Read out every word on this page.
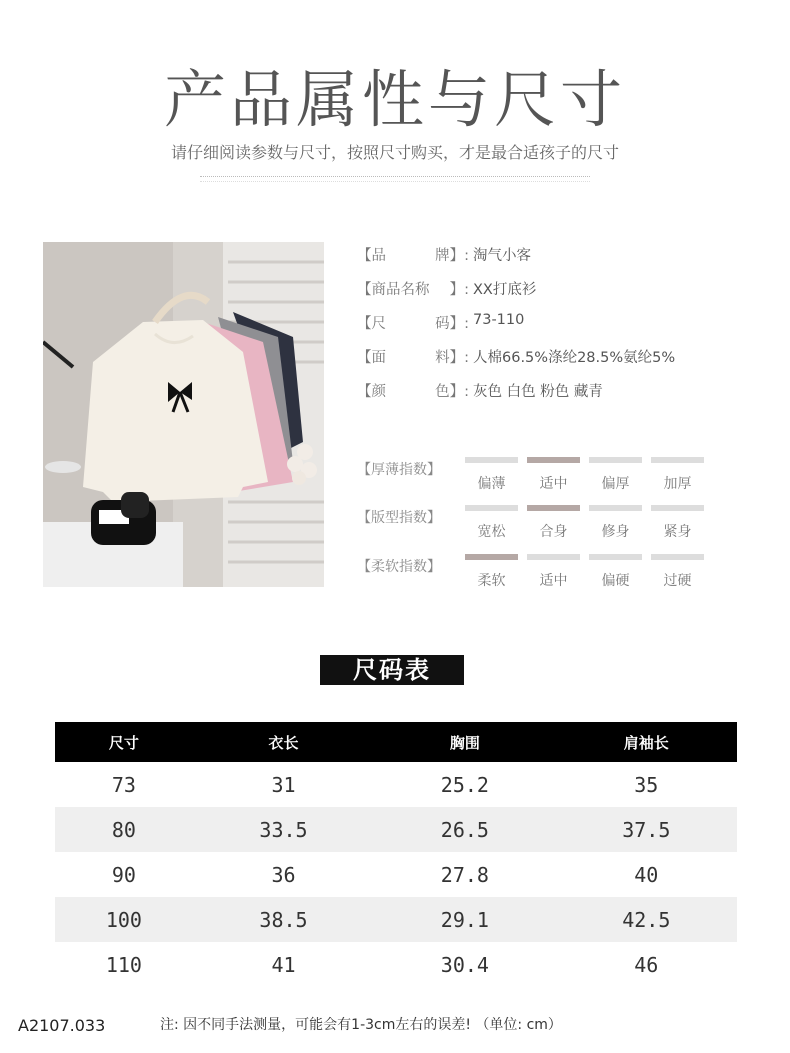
产品属性与尺寸
请仔细阅读参数与尺寸，按照尺寸购买，才是最合适孩子的尺寸
【 品	牌 】: 淘气小客
【 商品名称 】: XX打底衫
【 尺	码 】: 73-110
【 面	料 】: 人棉66.5%涤纶28.5%氨纶5%
【 颜	色 】: 灰色 白色 粉色 藏青
【厚薄指数】
偏薄	适中	偏厚	加厚
【版型指数】
宽松	合身	修身	紧身
【柔软指数】
柔软	适中	偏硬	过硬
尺码表
尺寸	衣长	胸围	肩袖长
73	31	25.2	35
80	33.5	26.5	37.5
90	36	27.8	40
100	38.5	29.1	42.5
110	41	30.4	46
A2107.033	注: 因不同手法测量，可能会有1-3cm左右的误差! （单位: cm）
